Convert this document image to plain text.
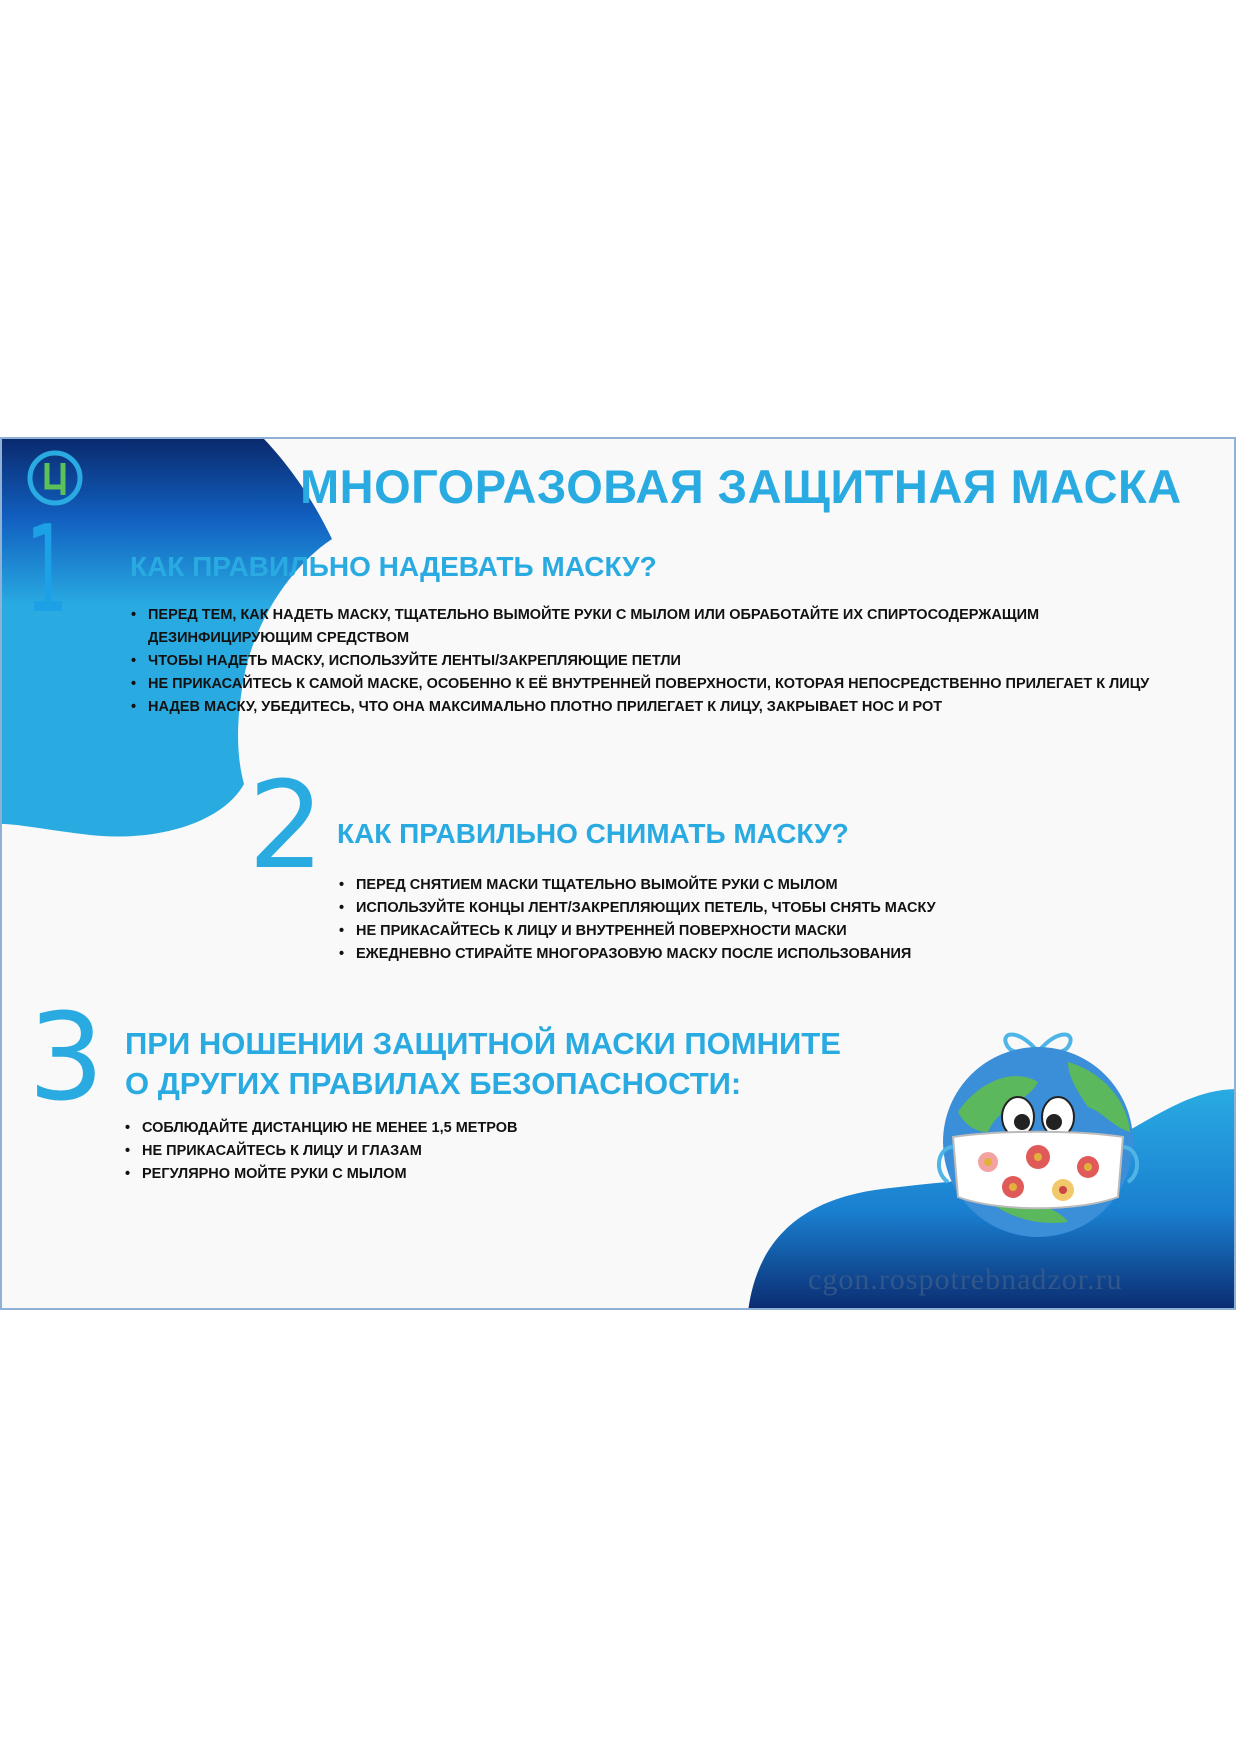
МНОГОРАЗОВАЯ ЗАЩИТНАЯ МАСКА
1 КАК ПРАВИЛЬНО НАДЕВАТЬ МАСКУ?
• ПЕРЕД ТЕМ, КАК НАДЕТЬ МАСКУ, ТЩАТЕЛЬНО ВЫМОЙТЕ РУКИ С МЫЛОМ ИЛИ ОБРАБОТАЙТЕ ИХ СПИРТОСОДЕРЖАЩИМ ДЕЗИНФИЦИРУЮЩИМ СРЕДСТВОМ
• ЧТОБЫ НАДЕТЬ МАСКУ, ИСПОЛЬЗУЙТЕ ЛЕНТЫ/ЗАКРЕПЛЯЮЩИЕ ПЕТЛИ
• НЕ ПРИКАСАЙТЕСЬ К САМОЙ МАСКЕ, ОСОБЕННО К ЕЁ ВНУТРЕННЕЙ ПОВЕРХНОСТИ, КОТОРАЯ НЕПОСРЕДСТВЕННО ПРИЛЕГАЕТ К ЛИЦУ
• НАДЕВ МАСКУ, УБЕДИТЕСЬ, ЧТО ОНА МАКСИМАЛЬНО ПЛОТНО ПРИЛЕГАЕТ К ЛИЦУ, ЗАКРЫВАЕТ НОС И РОТ
2 КАК ПРАВИЛЬНО СНИМАТЬ МАСКУ?
• ПЕРЕД СНЯТИЕМ МАСКИ ТЩАТЕЛЬНО ВЫМОЙТЕ РУКИ С МЫЛОМ
• ИСПОЛЬЗУЙТЕ КОНЦЫ ЛЕНТ/ЗАКРЕПЛЯЮЩИХ ПЕТЕЛЬ, ЧТОБЫ СНЯТЬ МАСКУ
• НЕ ПРИКАСАЙТЕСЬ К ЛИЦУ И ВНУТРЕННЕЙ ПОВЕРХНОСТИ МАСКИ
• ЕЖЕДНЕВНО СТИРАЙТЕ МНОГОРАЗОВУЮ МАСКУ ПОСЛЕ ИСПОЛЬЗОВАНИЯ
3 ПРИ НОШЕНИИ ЗАЩИТНОЙ МАСКИ ПОМНИТЕ
О ДРУГИХ ПРАВИЛАХ БЕЗОПАСНОСТИ:
• СОБЛЮДАЙТЕ ДИСТАНЦИЮ НЕ МЕНЕЕ 1,5 МЕТРОВ
• НЕ ПРИКАСАЙТЕСЬ К ЛИЦУ И ГЛАЗАМ
• РЕГУЛЯРНО МОЙТЕ РУКИ С МЫЛОМ
cgon.rospotrebnadzor.ru
